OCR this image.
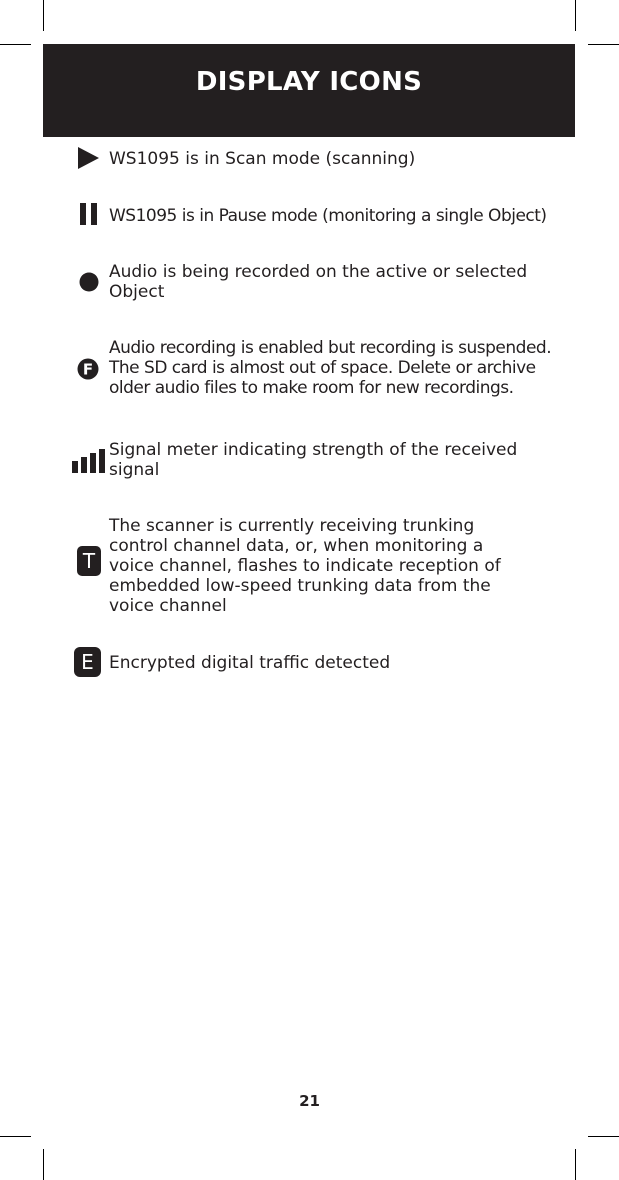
DISPLAY ICONS
WS1095 is in Scan mode (scanning)
WS1095 is in Pause mode (monitoring a single Object)
Audio is being recorded on the active or selected
Object
F
Audio recording is enabled but recording is suspended.
The SD card is almost out of space. Delete or archive
older audio files to make room for new recordings.
Signal meter indicating strength of the received
signal
T
The scanner is currently receiving trunking
control channel data, or, when monitoring a
voice channel, flashes to indicate reception of
embedded low-speed trunking data from the
voice channel
E Encrypted digital traffic detected
21
